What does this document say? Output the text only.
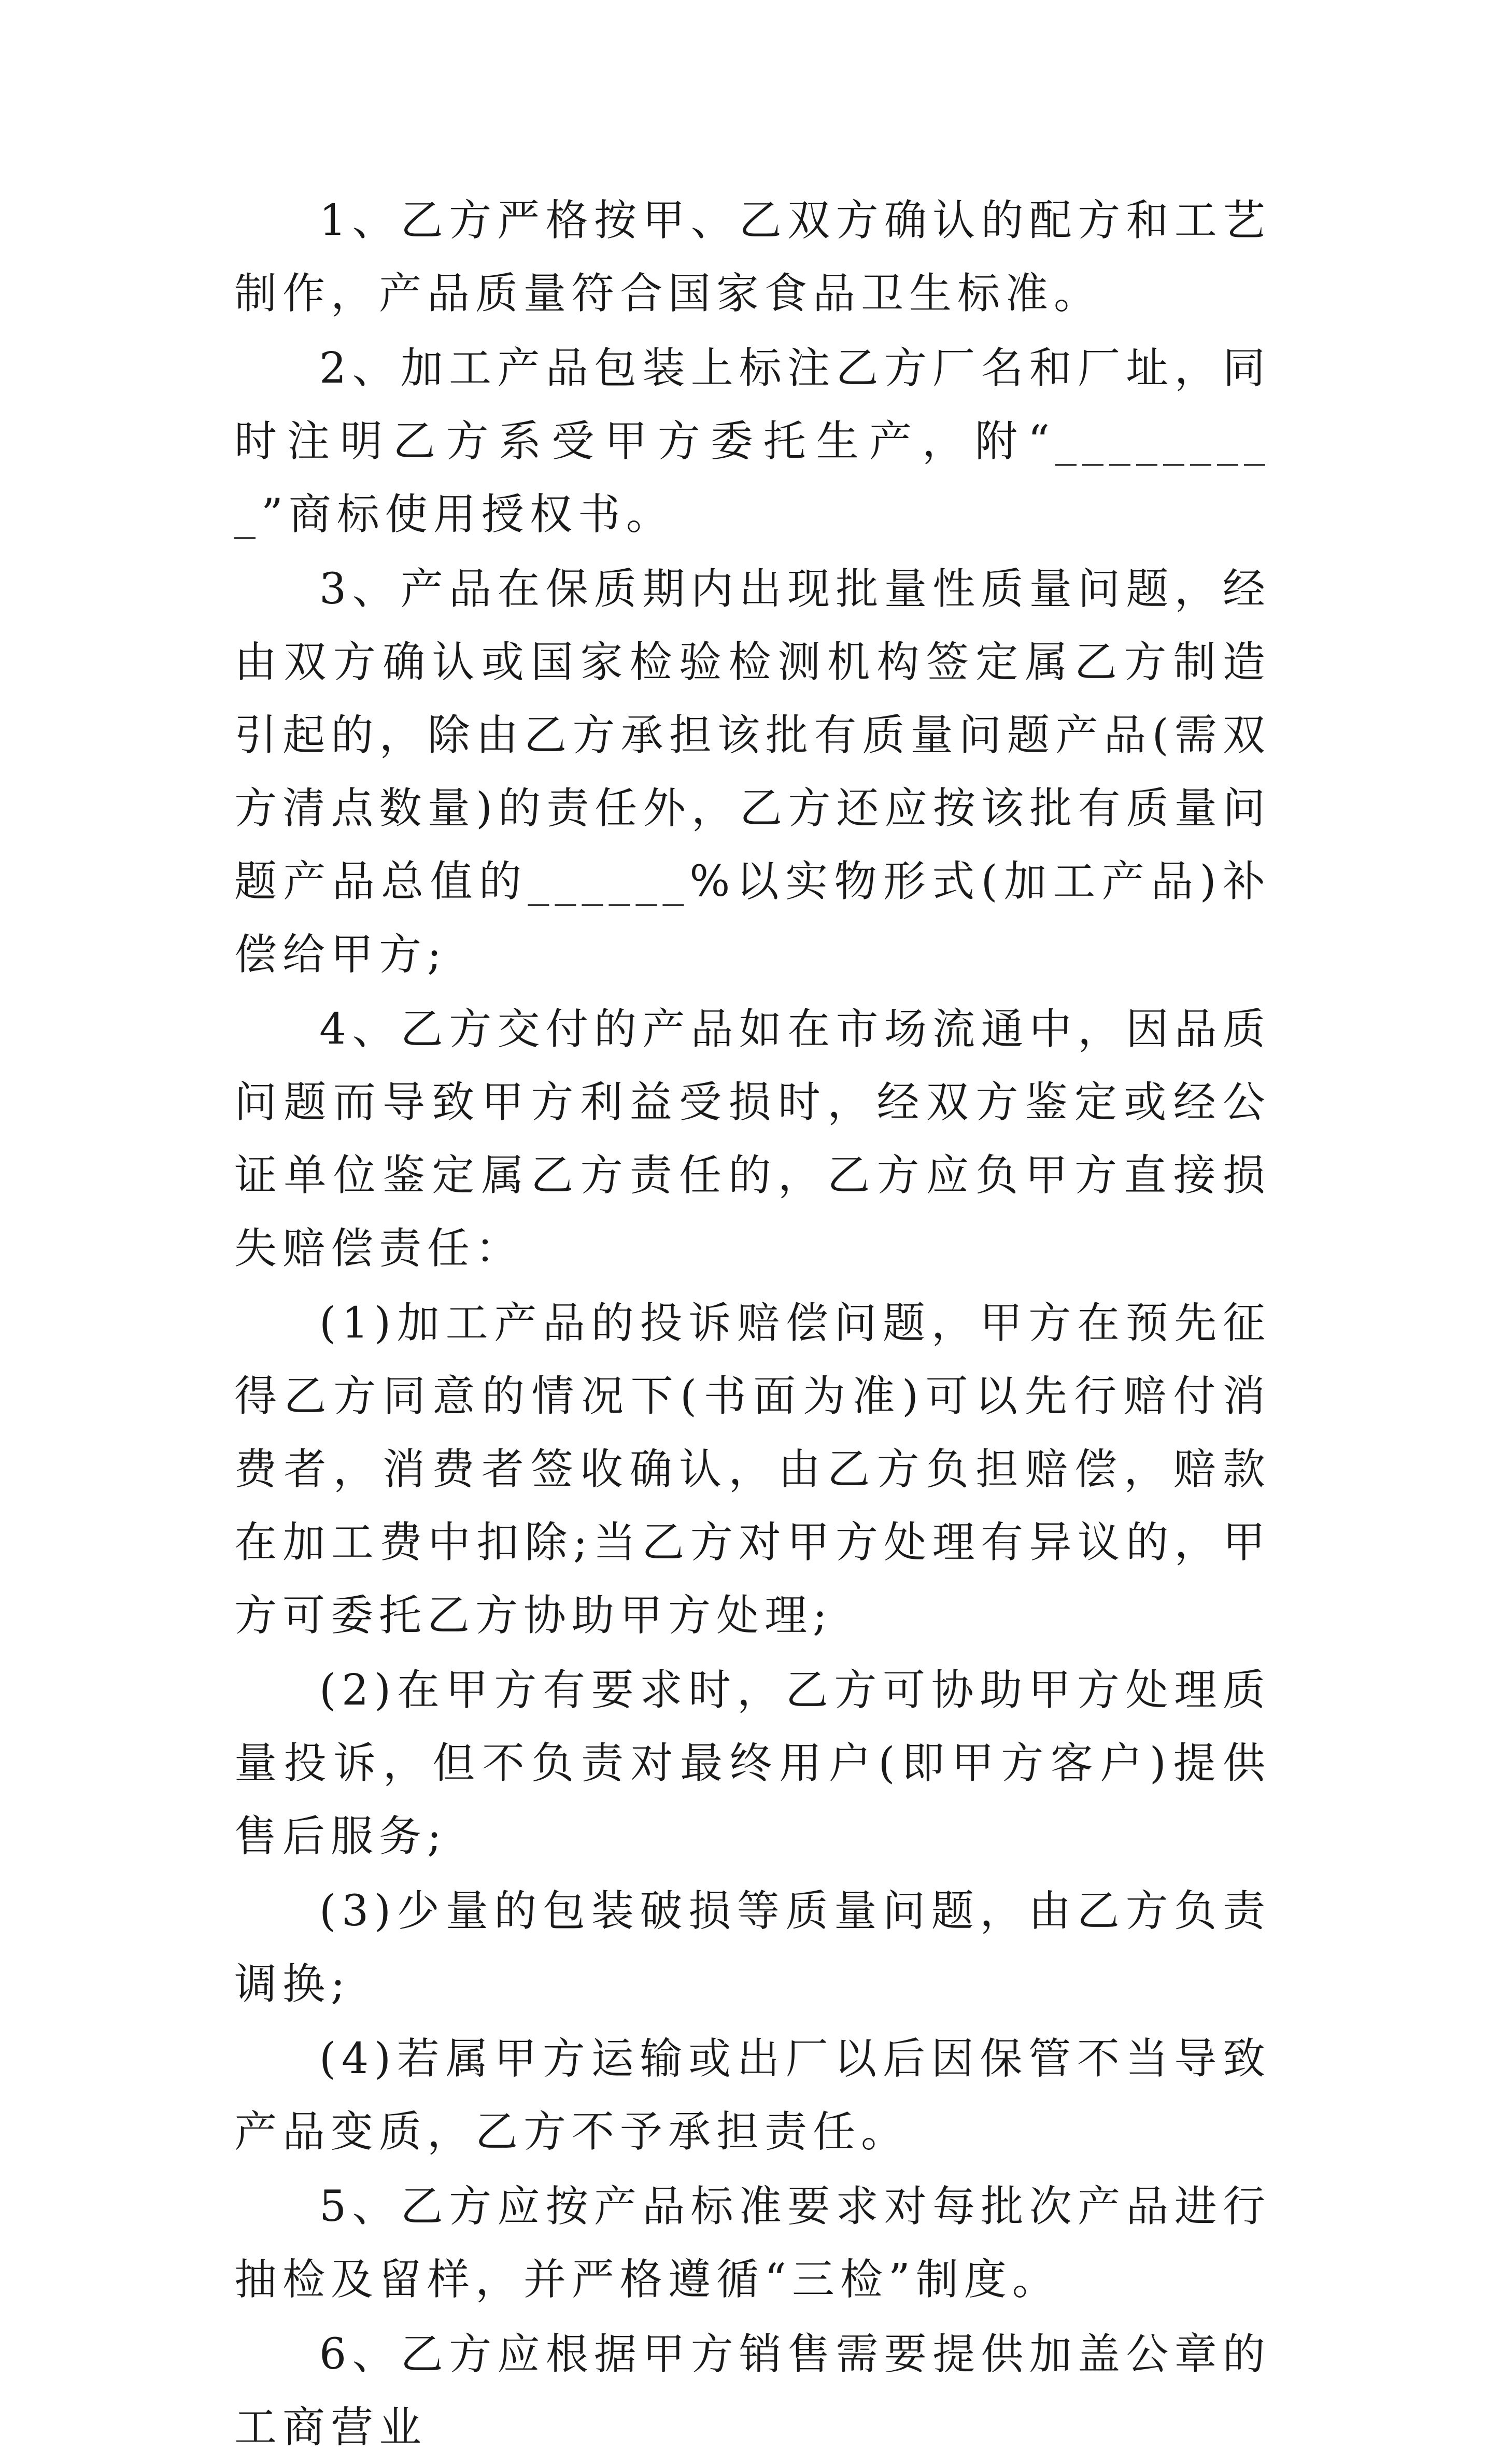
1、乙方严格按甲、乙双方确认的配方和工艺制作，产品质量符合国家食品卫生标准。

2、加工产品包装上标注乙方厂名和厂址，同时注明乙方系受甲方委托生产，附“_________”商标使用授权书。

3、产品在保质期内出现批量性质量问题，经由双方确认或国家检验检测机构签定属乙方制造引起的，除由乙方承担该批有质量问题产品(需双方清点数量)的责任外，乙方还应按该批有质量问题产品总值的______%以实物形式(加工产品)补偿给甲方;

4、乙方交付的产品如在市场流通中，因品质问题而导致甲方利益受损时，经双方鉴定或经公证单位鉴定属乙方责任的，乙方应负甲方直接损失赔偿责任：

(1)加工产品的投诉赔偿问题，甲方在预先征得乙方同意的情况下(书面为准)可以先行赔付消费者，消费者签收确认，由乙方负担赔偿，赔款在加工费中扣除;当乙方对甲方处理有异议的，甲方可委托乙方协助甲方处理;

(2)在甲方有要求时，乙方可协助甲方处理质量投诉，但不负责对最终用户(即甲方客户)提供售后服务;

(3)少量的包装破损等质量问题，由乙方负责调换;

(4)若属甲方运输或出厂以后因保管不当导致产品变质，乙方不予承担责任。

5、乙方应按产品标准要求对每批次产品进行抽检及留样，并严格遵循“三检”制度。

6、乙方应根据甲方销售需要提供加盖公章的工商营业
